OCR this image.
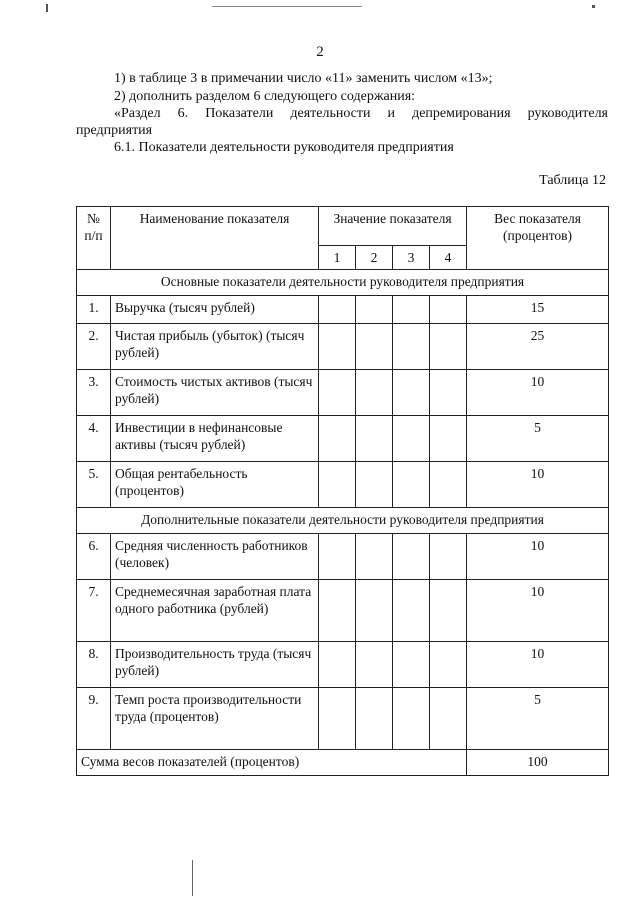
2
1) в таблице 3 в примечании число «11» заменить числом «13»;
2) дополнить разделом 6 следующего содержания:
«Раздел 6. Показатели деятельности и депремирования руководителя
предприятия
6.1. Показатели деятельности руководителя предприятия
Таблица 12
№ п/п	Наименование показателя	Значение показателя				Вес показателя (процентов)
		1	2	3	4	
Основные показатели деятельности руководителя предприятия						
1.	Выручка (тысяч рублей)					15
2.	Чистая прибыль (убыток) (тысяч рублей)					25
3.	Стоимость чистых активов (тысяч рублей)					10
4.	Инвестиции в нефинансовые активы (тысяч рублей)					5
5.	Общая рентабельность (процентов)					10
Дополнительные показатели деятельности руководителя предприятия						
6.	Средняя численность работников (человек)					10
7.	Среднемесячная заработная плата одного работника (рублей)					10
8.	Производительность труда (тысяч рублей)					10
9.	Темп роста производительности труда (процентов)					5
Сумма весов показателей (процентов)						100
